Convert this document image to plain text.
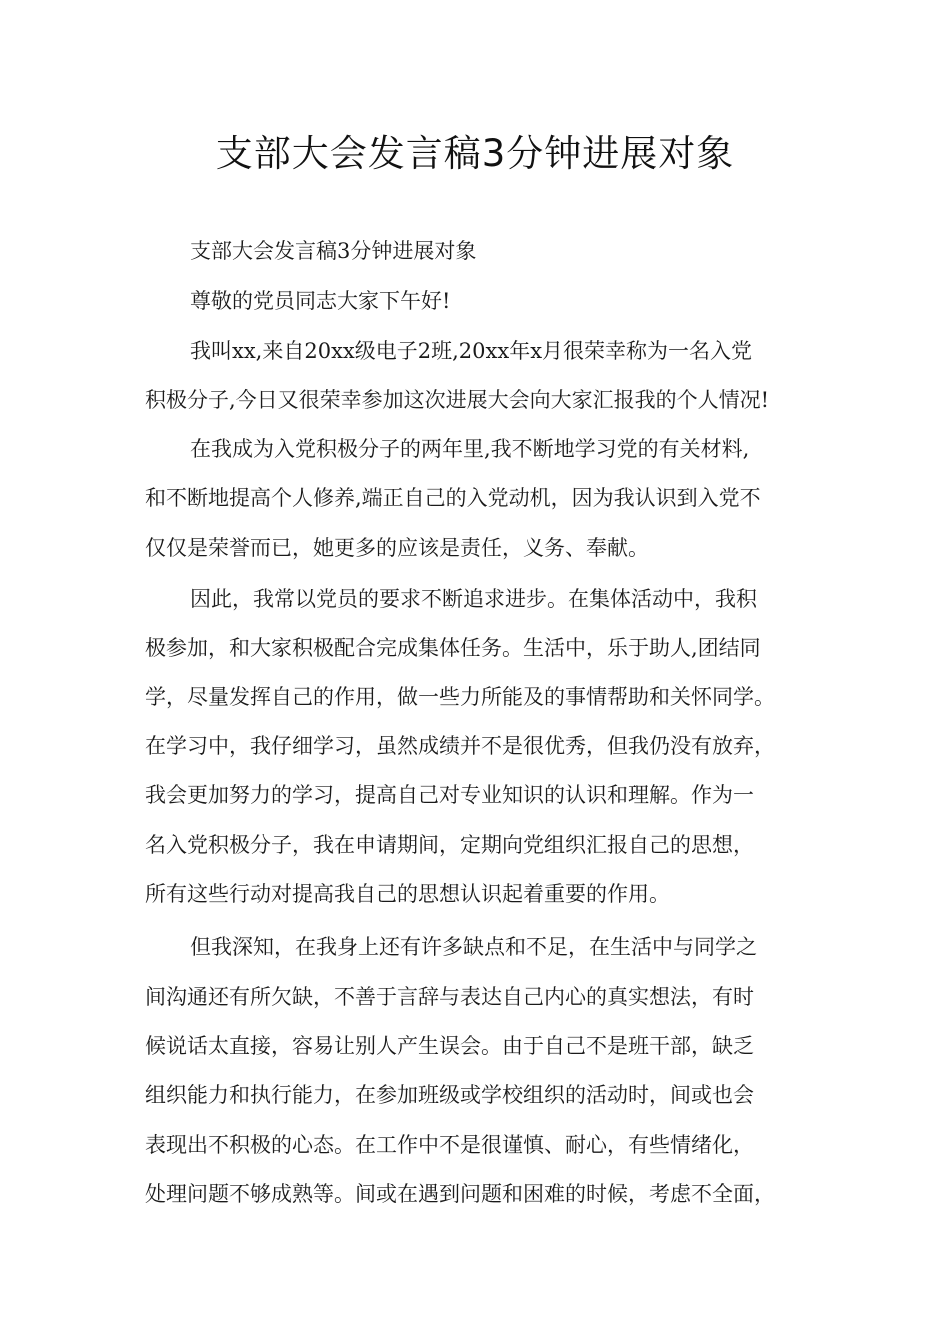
支部大会发言稿3分钟进展对象
支部大会发言稿3分钟进展对象
尊敬的党员同志大家下午好!
我叫xx,来自20xx级电子2班,20xx年x月很荣幸称为一名入党
积极分子,今日又很荣幸参加这次进展大会向大家汇报我的个人情况!
在我成为入党积极分子的两年里,我不断地学习党的有关材料,
和不断地提高个人修养,端正自己的入党动机，因为我认识到入党不
仅仅是荣誉而已，她更多的应该是责任，义务、奉献。
因此，我常以党员的要求不断追求进步。在集体活动中，我积
极参加，和大家积极配合完成集体任务。生活中，乐于助人,团结同
学，尽量发挥自己的作用，做一些力所能及的事情帮助和关怀同学。
在学习中，我仔细学习，虽然成绩并不是很优秀，但我仍没有放弃，
我会更加努力的学习，提高自己对专业知识的认识和理解。作为一
名入党积极分子，我在申请期间，定期向党组织汇报自己的思想，
所有这些行动对提高我自己的思想认识起着重要的作用。
但我深知，在我身上还有许多缺点和不足，在生活中与同学之
间沟通还有所欠缺，不善于言辞与表达自己内心的真实想法，有时
候说话太直接，容易让别人产生误会。由于自己不是班干部，缺乏
组织能力和执行能力，在参加班级或学校组织的活动时，间或也会
表现出不积极的心态。在工作中不是很谨慎、耐心，有些情绪化，
处理问题不够成熟等。间或在遇到问题和困难的时候，考虑不全面，
